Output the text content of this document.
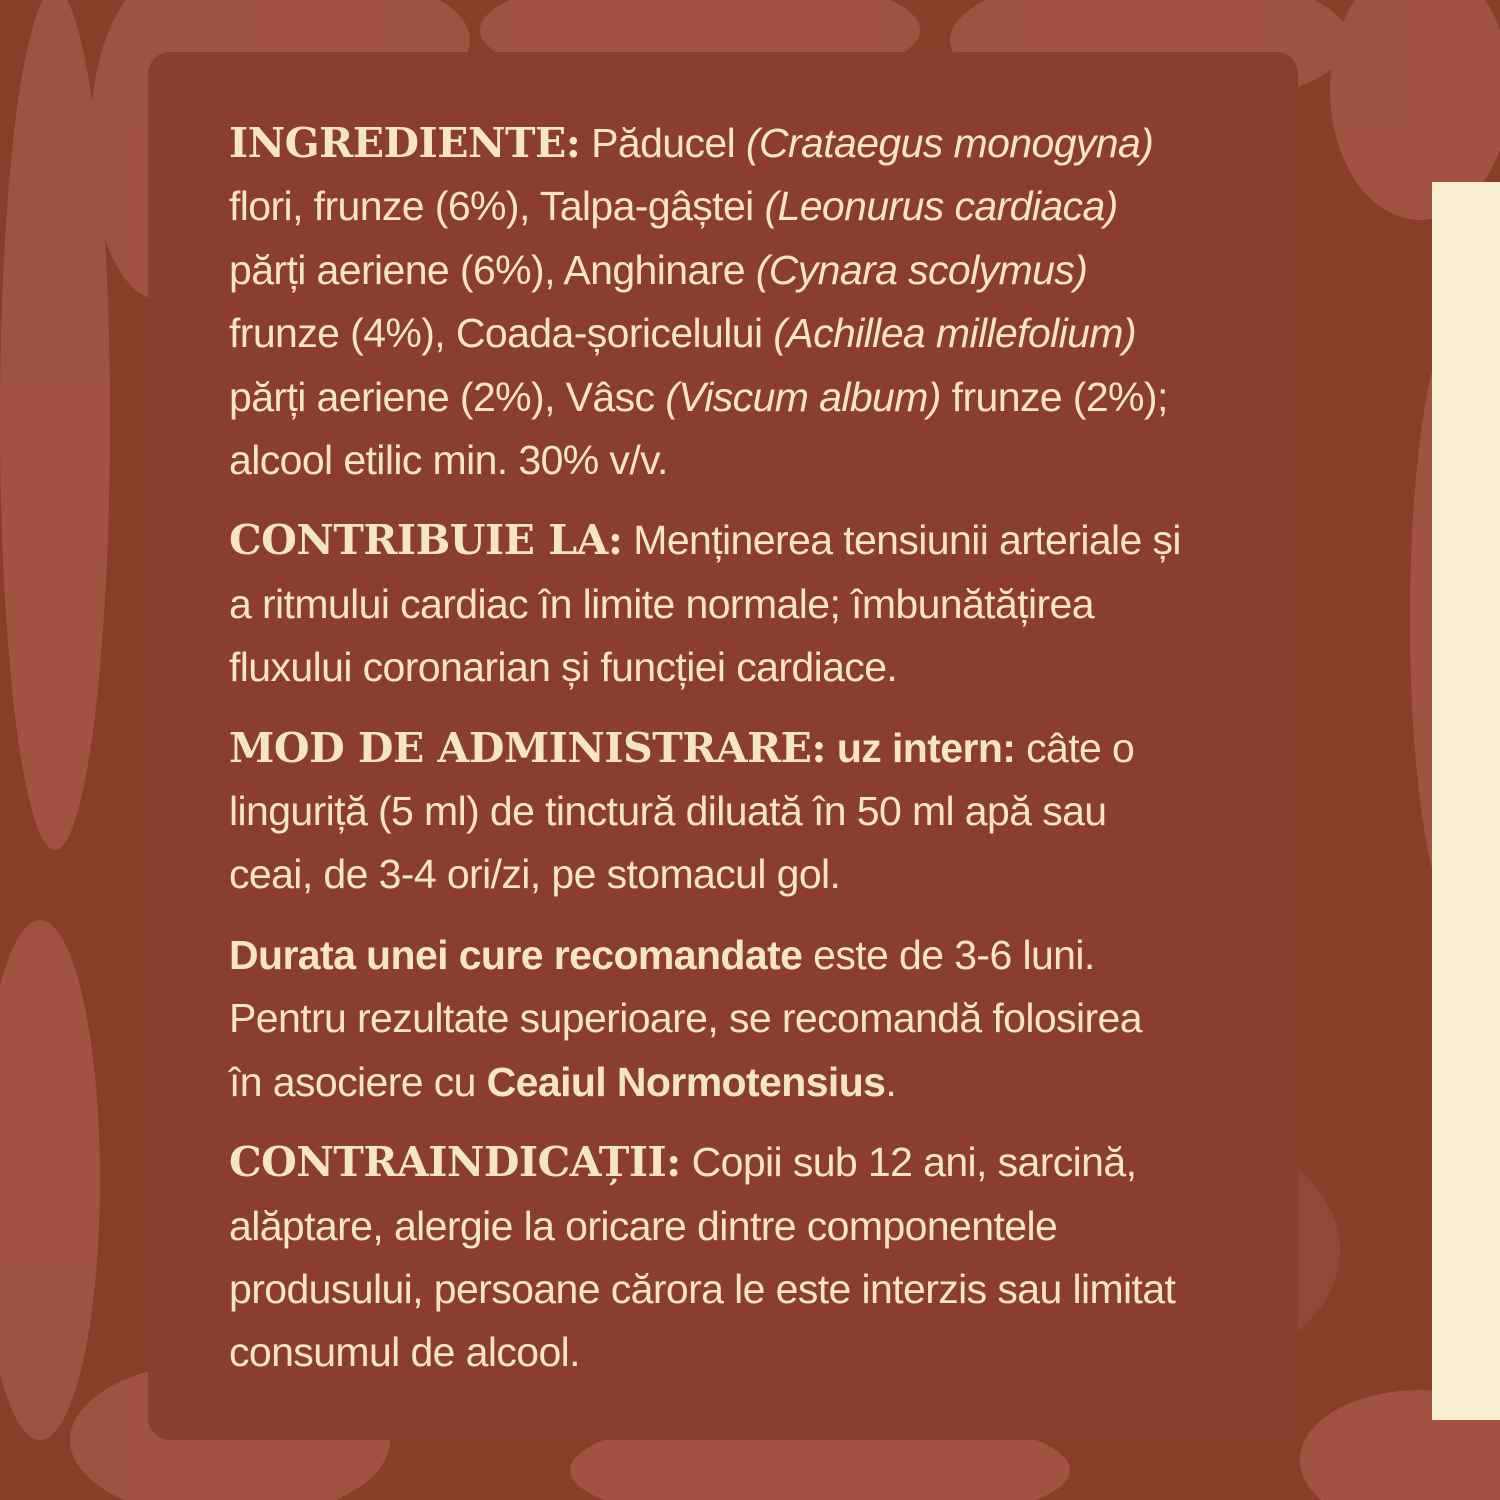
INGREDIENTE: Păducel (Crataegus monogyna)
flori, frunze (6%), Talpa-gâștei (Leonurus cardiaca)
părți aeriene (6%), Anghinare (Cynara scolymus)
frunze (4%), Coada-șoricelului (Achillea millefolium)
părți aeriene (2%), Vâsc (Viscum album) frunze (2%);
alcool etilic min. 30% v/v.

CONTRIBUIE LA: Menținerea tensiunii arteriale și
a ritmului cardiac în limite normale; îmbunătățirea
fluxului coronarian și funcției cardiace.

MOD DE ADMINISTRARE: uz intern: câte o
linguriță (5 ml) de tinctură diluată în 50 ml apă sau
ceai, de 3-4 ori/zi, pe stomacul gol.

Durata unei cure recomandate este de 3-6 luni.
Pentru rezultate superioare, se recomandă folosirea
în asociere cu Ceaiul Normotensius.

CONTRAINDICAȚII: Copii sub 12 ani, sarcină,
alăptare, alergie la oricare dintre componentele
produsului, persoane cărora le este interzis sau limitat
consumul de alcool.
